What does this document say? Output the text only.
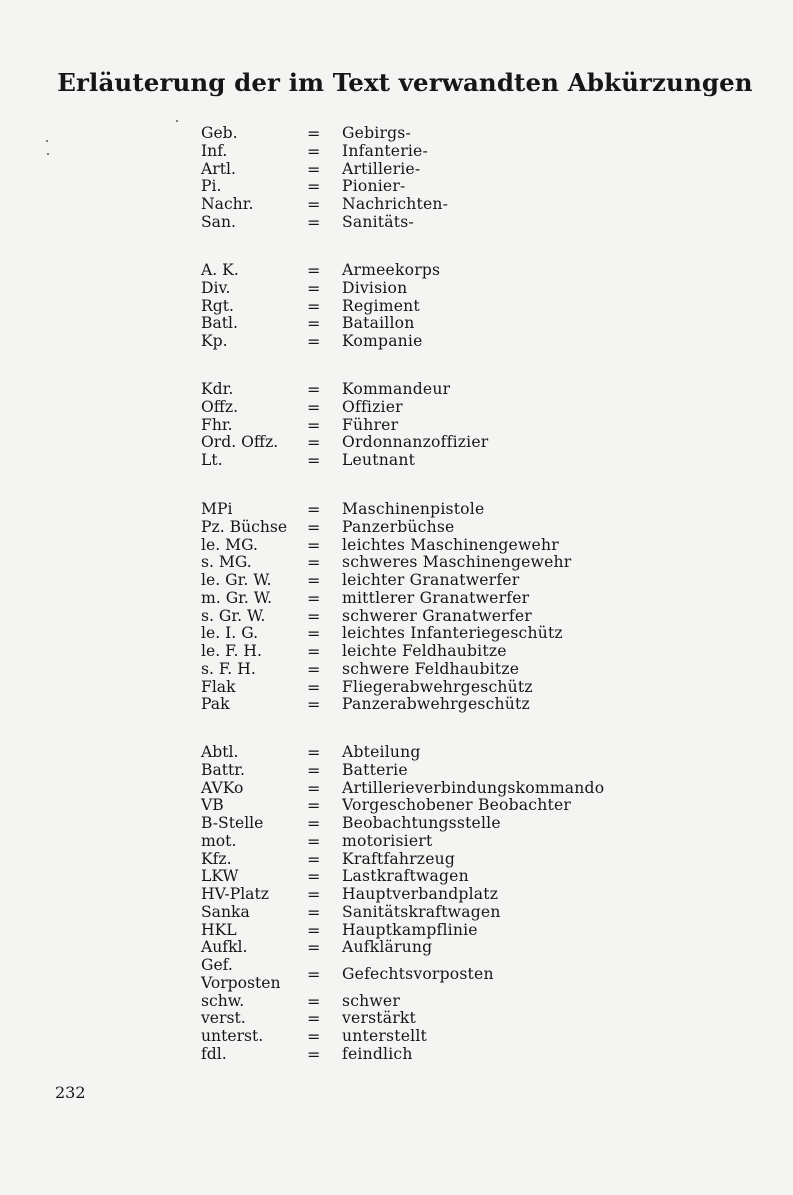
Erläuterung der im Text verwandten Abkürzungen
Geb.	= Gebirgs-
Inf.	= Infanterie-
Artl.	= Artillerie-
Pi.	= Pionier-
Nachr.	= Nachrichten-
San.	= Sanitäts-
A. K.	= Armeekorps
Div.	= Division
Rgt.	= Regiment
Batl.	= Bataillon
Kp.	= Kompanie
Kdr.	= Kommandeur
Offz.	= Offizier
Fhr.	= Führer
Ord. Offz. = Ordonnanzoffizier
Lt.	= Leutnant
MPi	= Maschinenpistole
Pz. Büchse = Panzerbüchse
le. MG.	= leichtes Maschinengewehr
s. MG.	= schweres Maschinengewehr
le. Gr. W. = leichter Granatwerfer
m. Gr. W. = mittlerer Granatwerfer
s. Gr. W.	= schwerer Granatwerfer
le. I. G.	= leichtes Infanteriegeschütz
le. F. H.	= leichte Feldhaubitze
s. F. H.	= schwere Feldhaubitze
Flak	= Fliegerabwehrgeschütz
Pak	= Panzerabwehrgeschütz
Abtl.	= Abteilung
Battr.	= Batterie
AVKo	= Artillerieverbindungskommando
VB	= Vorgeschobener Beobachter
B-Stelle	= Beobachtungsstelle
mot.	= motorisiert
Kfz.	= Kraftfahrzeug
LKW	= Lastkraftwagen
HV-Platz = Hauptverbandplatz
Sanka	= Sanitätskraftwagen
HKL	= Hauptkampflinie
Aufkl.	= Aufklärung
Gef.
Vorposten = Gefechtsvorposten
schw.	= schwer
verst.	= verstärkt
unterst.	= unterstellt
fdl.	= feindlich
232
